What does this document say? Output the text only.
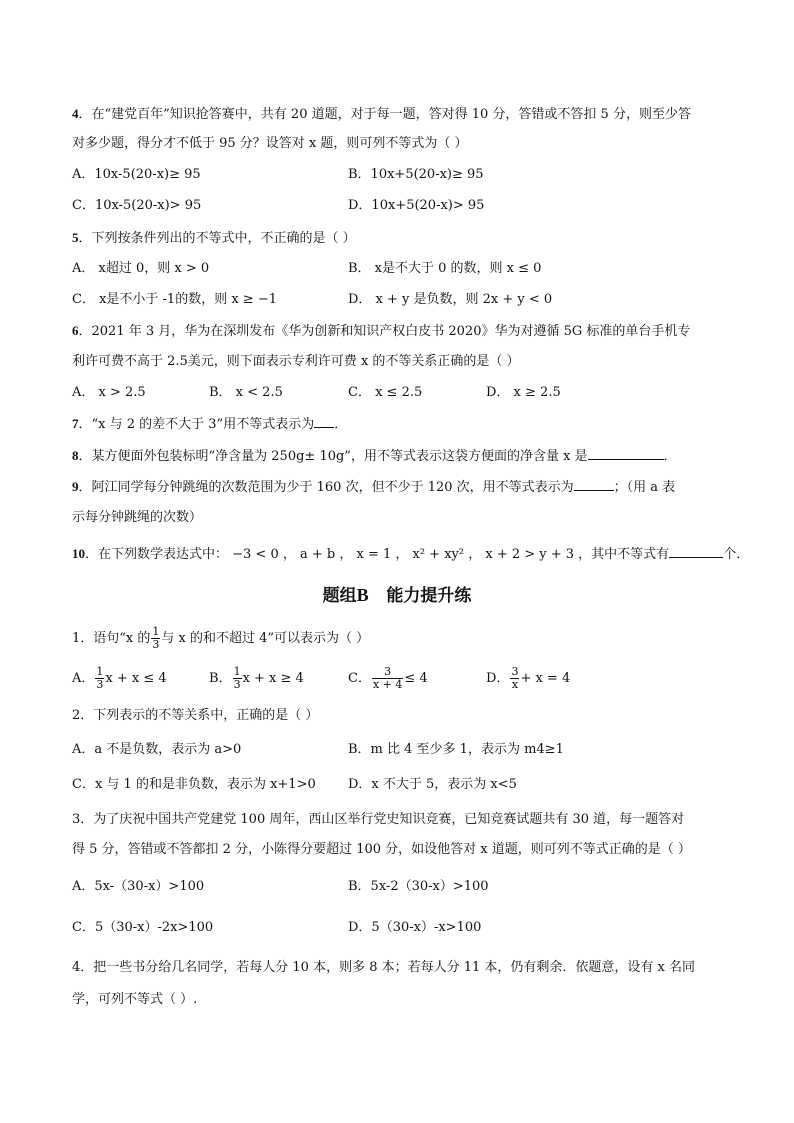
4．在“建党百年”知识抢答赛中，共有 20 道题，对于每一题，答对得 10 分，答错或不答扣 5 分，则至少答
对多少题，得分才不低于 95 分？设答对 x 题，则可列不等式为（ ）
A．10x-5(20-x)≥ 95	B．10x+5(20-x)≥ 95
C．10x-5(20-x)> 95	D．10x+5(20-x)> 95
5．下列按条件列出的不等式中，不正确的是（ ）
A． x超过 0，则 x > 0	B． x是不大于 0 的数，则 x ≤ 0
C． x是不小于 -1的数，则 x ≥ −1	D． x + y 是负数，则 2x + y < 0
6．2021 年 3 月，华为在深圳发布《华为创新和知识产权白皮书 2020》华为对遵循 5G 标准的单台手机专
利许可费不高于 2.5美元，则下面表示专利许可费 x 的不等关系正确的是（ ）
A． x > 2.5	B． x < 2.5	C． x ≤ 2.5	D． x ≥ 2.5
7．“x 与 2 的差不大于 3”用不等式表示为 ．
8．某方便面外包装标明“净含量为 250g± 10g”，用不等式表示这袋方便面的净含量 x 是	．
9．阿江同学每分钟跳绳的次数范围为少于 160 次，但不少于 120 次，用不等式表示为	；（用 a 表
示每分钟跳绳的次数）
10．在下列数学表达式中： −3 < 0 ， a + b ， x = 1 ， x² + xy² ， x + 2 > y + 3 ，其中不等式有	个．
题组B 能力提升练
1．语句“x 的 $\frac{1}{3}$ 与 x 的和不超过 4”可以表示为（ ）
A． $\frac{1}{3}$ x + x ≤ 4	B． $\frac{1}{3}$ x + x ≥ 4	C． $\frac{3}{x + 4} \le 4$	D． $\frac{3}{x} + x = 4$
2．下列表示的不等关系中，正确的是（ ）
A．a 不是负数，表示为 a>0	B．m 比 4 至少多 1，表示为 m4≥1
C．x 与 1 的和是非负数，表示为 x+1>0 D．x 不大于 5，表示为 x<5
3．为了庆祝中国共产党建党 100 周年，西山区举行党史知识竞赛，已知竞赛试题共有 30 道，每一题答对
得 5 分，答错或不答都扣 2 分，小陈得分要超过 100 分，如设他答对 x 道题，则可列不等式正确的是（ ）
A．5x-（30-x）>100	B．5x-2（30-x）>100
C．5（30-x）-2x>100	D．5（30-x）-x>100
4．把一些书分给几名同学，若每人分 10 本，则多 8 本；若每人分 11 本，仍有剩余．依题意，设有 x 名同
学，可列不等式（ ）.
